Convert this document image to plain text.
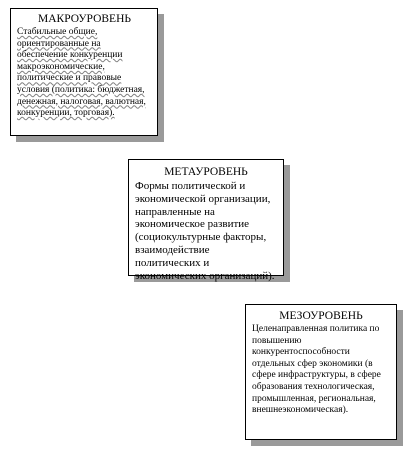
МАКРОУРОВЕНЬ

Стабильные общие, ориентированные на обеспечение конкуренции макроэкономические, политические и правовые условия (политика: бюджетная, денежная, налоговая, валютная, конкуренции, торговая).

МЕТАУРОВЕНЬ

Формы политической и экономической организации, направленные на экономическое развитие (социокультурные факторы, взаимодействие политических и экономических организаций).

МЕЗОУРОВЕНЬ

Целенаправленная политика по повышению конкурентоспособности отдельных сфер экономики (в сфере инфраструктуры, в сфере образования технологическая, промышленная, региональная, внешнеэкономическая).
